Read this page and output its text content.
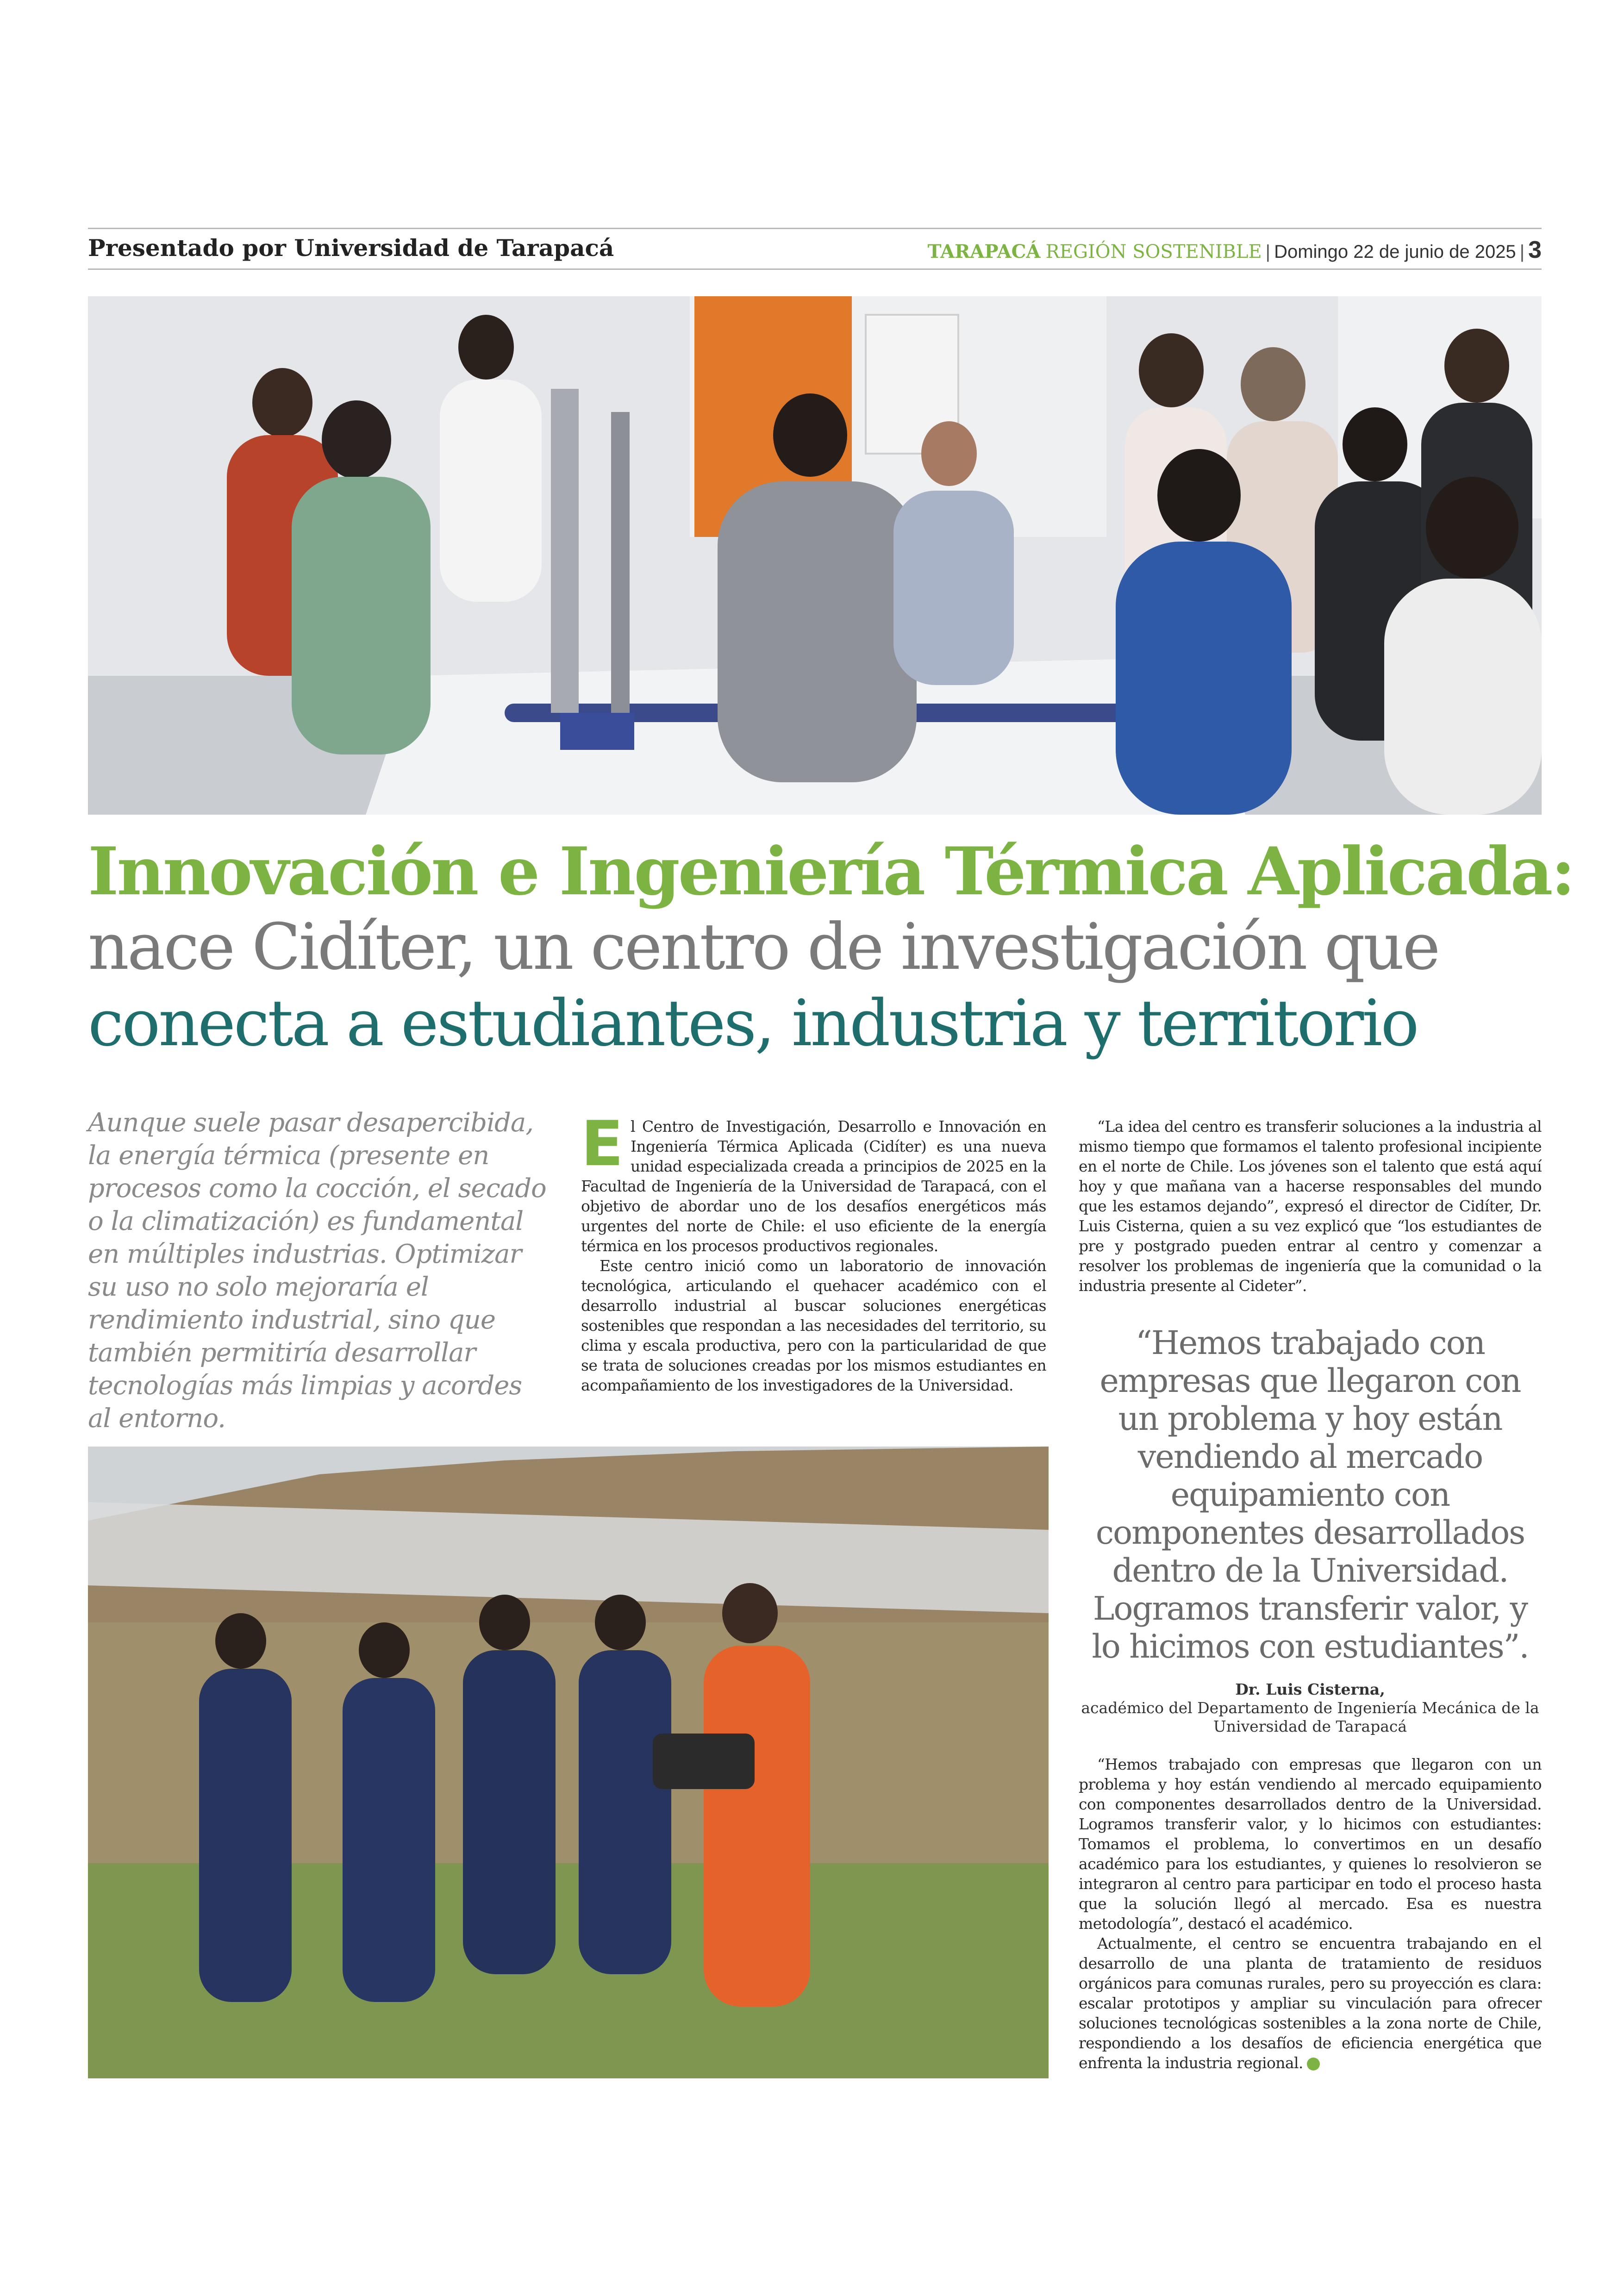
Presentado por Universidad de Tarapacá	TARAPACÁ REGIÓN SOSTENIBLE | Domingo 22 de junio de 2025 | 3
Innovación e Ingeniería Térmica Aplicada:
nace Cidíter, un centro de investigación que
conecta a estudiantes, industria y territorio
Aunque suele pasar desapercibida, la energía térmica (presente en procesos como la cocción, el secado o la climatización) es fundamental en múltiples industrias. Optimizar su uso no solo mejoraría el rendimiento industrial, sino que también permitiría desarrollar tecnologías más limpias y acordes al entorno.

El Centro de Investigación, Desarrollo e Innovación en Ingeniería Térmica Aplicada (Cidíter) es una nueva unidad especializada creada a principios de 2025 en la Facultad de Ingeniería de la Universidad de Tarapacá, con el objetivo de abordar uno de los desafíos energéticos más urgentes del norte de Chile: el uso eficiente de la energía térmica en los procesos productivos regionales.

Este centro inició como un laboratorio de innovación tecnológica, articulando el quehacer académico con el desarrollo industrial al buscar soluciones energéticas sostenibles que respondan a las necesidades del territorio, su clima y escala productiva, pero con la particularidad de que se trata de soluciones creadas por los mismos estudiantes en acompañamiento de los investigadores de la Universidad.

“La idea del centro es transferir soluciones a la industria al mismo tiempo que formamos el talento profesional incipiente en el norte de Chile. Los jóvenes son el talento que está aquí hoy y que mañana van a hacerse responsables del mundo que les estamos dejando”, expresó el director de Cidíter, Dr. Luis Cisterna, quien a su vez explicó que “los estudiantes de pre y postgrado pueden entrar al centro y comenzar a resolver los problemas de ingeniería que la comunidad o la industria presente al Cideter”.

“Hemos trabajado con empresas que llegaron con un problema y hoy están vendiendo al mercado equipamiento con componentes desarrollados dentro de la Universidad. Logramos transferir valor, y lo hicimos con estudiantes”.
Dr. Luis Cisterna,
académico del Departamento de Ingeniería Mecánica de la Universidad de Tarapacá

“Hemos trabajado con empresas que llegaron con un problema y hoy están vendiendo al mercado equipamiento con componentes desarrollados dentro de la Universidad. Logramos transferir valor, y lo hicimos con estudiantes: Tomamos el problema, lo convertimos en un desafío académico para los estudiantes, y quienes lo resolvieron se integraron al centro para participar en todo el proceso hasta que la solución llegó al mercado. Esa es nuestra metodología”, destacó el académico.

Actualmente, el centro se encuentra trabajando en el desarrollo de una planta de tratamiento de residuos orgánicos para comunas rurales, pero su proyección es clara: escalar prototipos y ampliar su vinculación para ofrecer soluciones tecnológicas sostenibles a la zona norte de Chile, respondiendo a los desafíos de eficiencia energética que enfrenta la industria regional.
